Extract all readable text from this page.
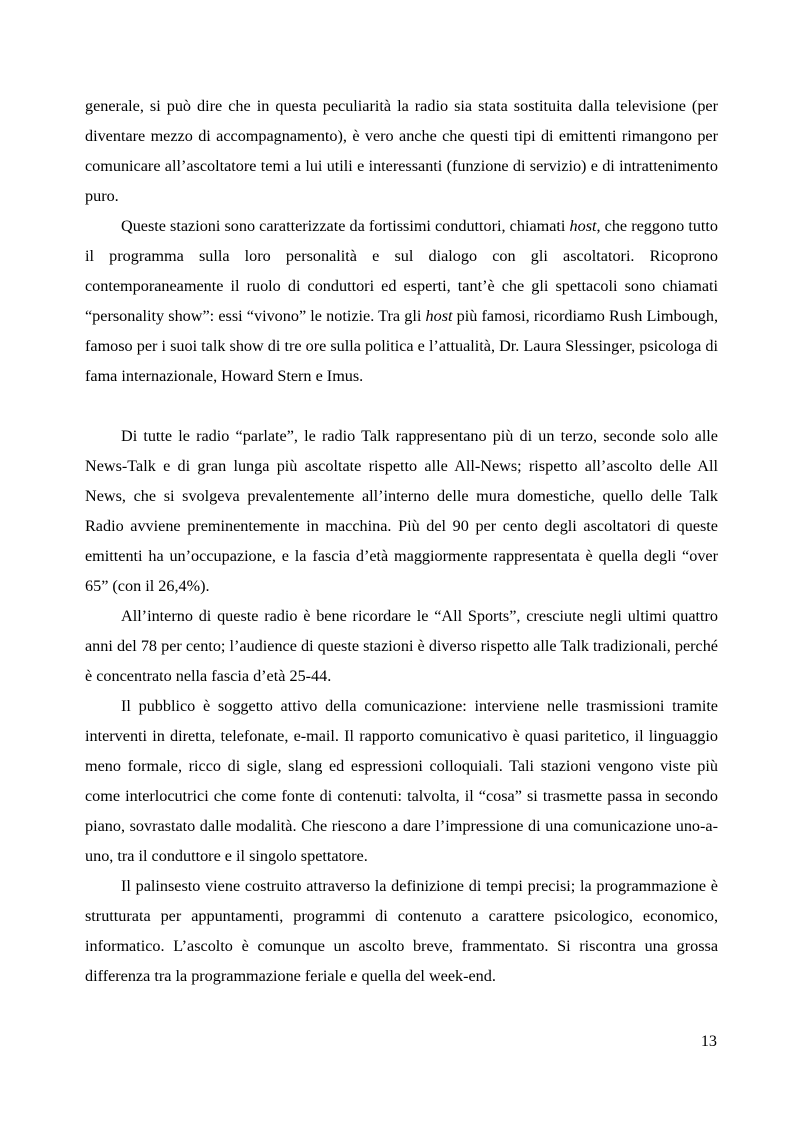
generale, si può dire che in questa peculiarità la radio sia stata sostituita dalla televisione (per diventare mezzo di accompagnamento), è vero anche che questi tipi di emittenti rimangono per comunicare all’ascoltatore temi a lui utili e interessanti (funzione di servizio) e di intrattenimento puro.

Queste stazioni sono caratterizzate da fortissimi conduttori, chiamati host, che reggono tutto il programma sulla loro personalità e sul dialogo con gli ascoltatori. Ricoprono contemporaneamente il ruolo di conduttori ed esperti, tant’è che gli spettacoli sono chiamati “personality show”: essi “vivono” le notizie. Tra gli host più famosi, ricordiamo Rush Limbough, famoso per i suoi talk show di tre ore sulla politica e l’attualità, Dr. Laura Slessinger, psicologa di fama internazionale, Howard Stern e Imus.

Di tutte le radio “parlate”, le radio Talk rappresentano più di un terzo, seconde solo alle News-Talk e di gran lunga più ascoltate rispetto alle All-News; rispetto all’ascolto delle All News, che si svolgeva prevalentemente all’interno delle mura domestiche, quello delle Talk Radio avviene preminentemente in macchina. Più del 90 per cento degli ascoltatori di queste emittenti ha un’occupazione, e la fascia d’età maggiormente rappresentata è quella degli “over 65” (con il 26,4%).

All’interno di queste radio è bene ricordare le “All Sports”, cresciute negli ultimi quattro anni del 78 per cento; l’audience di queste stazioni è diverso rispetto alle Talk tradizionali, perché è concentrato nella fascia d’età 25-44.

Il pubblico è soggetto attivo della comunicazione: interviene nelle trasmissioni tramite interventi in diretta, telefonate, e-mail. Il rapporto comunicativo è quasi paritetico, il linguaggio meno formale, ricco di sigle, slang ed espressioni colloquiali. Tali stazioni vengono viste più come interlocutrici che come fonte di contenuti: talvolta, il “cosa” si trasmette passa in secondo piano, sovrastato dalle modalità. Che riescono a dare l’impressione di una comunicazione uno-a-uno, tra il conduttore e il singolo spettatore.

Il palinsesto viene costruito attraverso la definizione di tempi precisi; la programmazione è strutturata per appuntamenti, programmi di contenuto a carattere psicologico, economico, informatico. L’ascolto è comunque un ascolto breve, frammentato. Si riscontra una grossa differenza tra la programmazione feriale e quella del week-end.

13
